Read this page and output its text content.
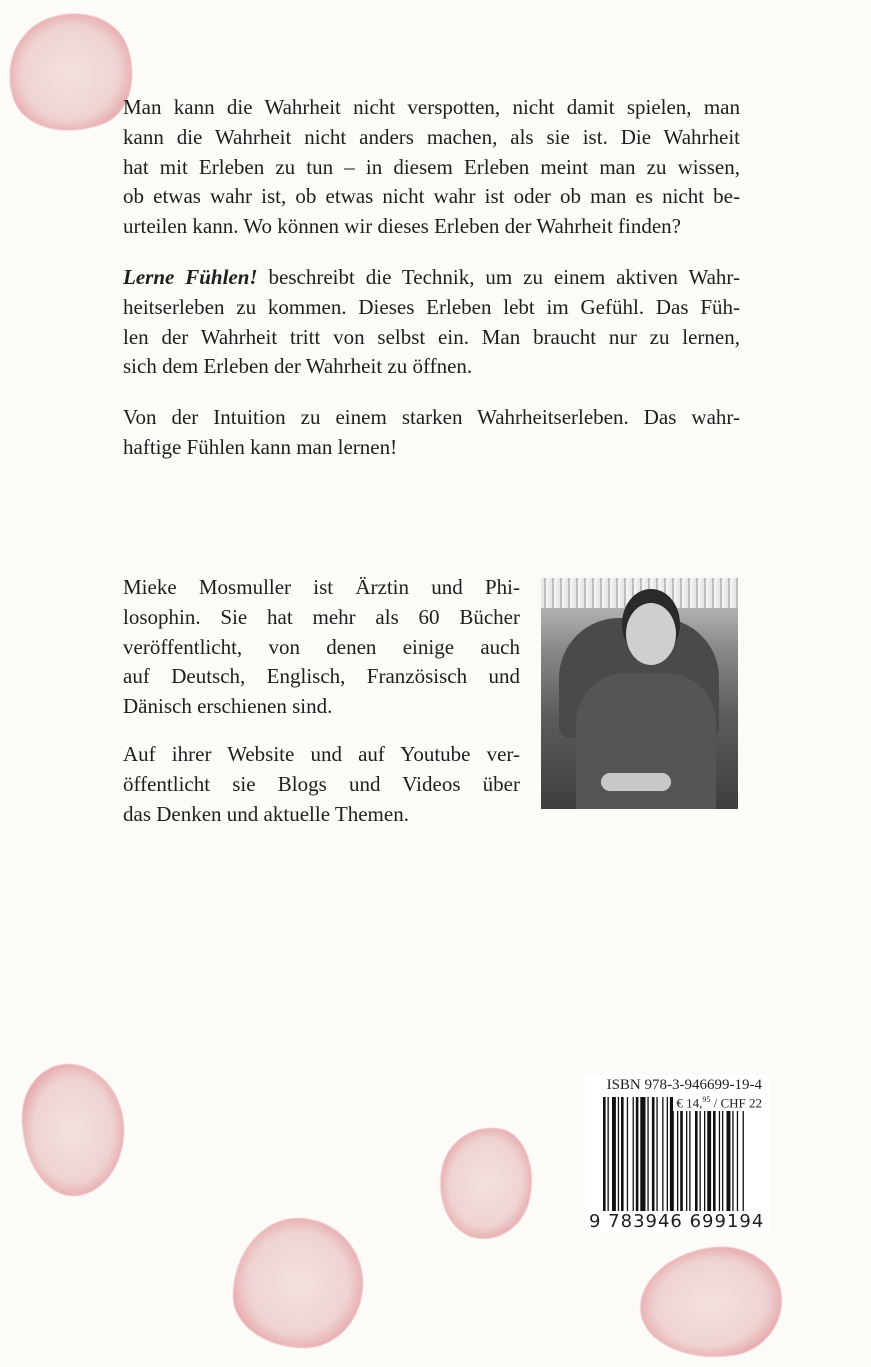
Man kann die Wahrheit nicht verspotten, nicht damit spielen, man
kann die Wahrheit nicht anders machen, als sie ist. Die Wahrheit
hat mit Erleben zu tun – in diesem Erleben meint man zu wissen,
ob etwas wahr ist, ob etwas nicht wahr ist oder ob man es nicht be-
urteilen kann. Wo können wir dieses Erleben der Wahrheit finden?
Lerne Fühlen! beschreibt die Technik, um zu einem aktiven Wahr-
heitserleben zu kommen. Dieses Erleben lebt im Gefühl. Das Füh-
len der Wahrheit tritt von selbst ein. Man braucht nur zu lernen,
sich dem Erleben der Wahrheit zu öffnen.
Von der Intuition zu einem starken Wahrheitserleben. Das wahr-
haftige Fühlen kann man lernen!
Mieke Mosmuller ist Ärztin und Phi-
losophin. Sie hat mehr als 60 Bücher
veröffentlicht, von denen einige auch
auf Deutsch, Englisch, Französisch und
Dänisch erschienen sind.
Auf ihrer Website und auf Youtube ver-
öffentlicht sie Blogs und Videos über
das Denken und aktuelle Themen.
ISBN 978-3-946699-19-4
€ 14,95 / CHF 22
9 783946 699194
